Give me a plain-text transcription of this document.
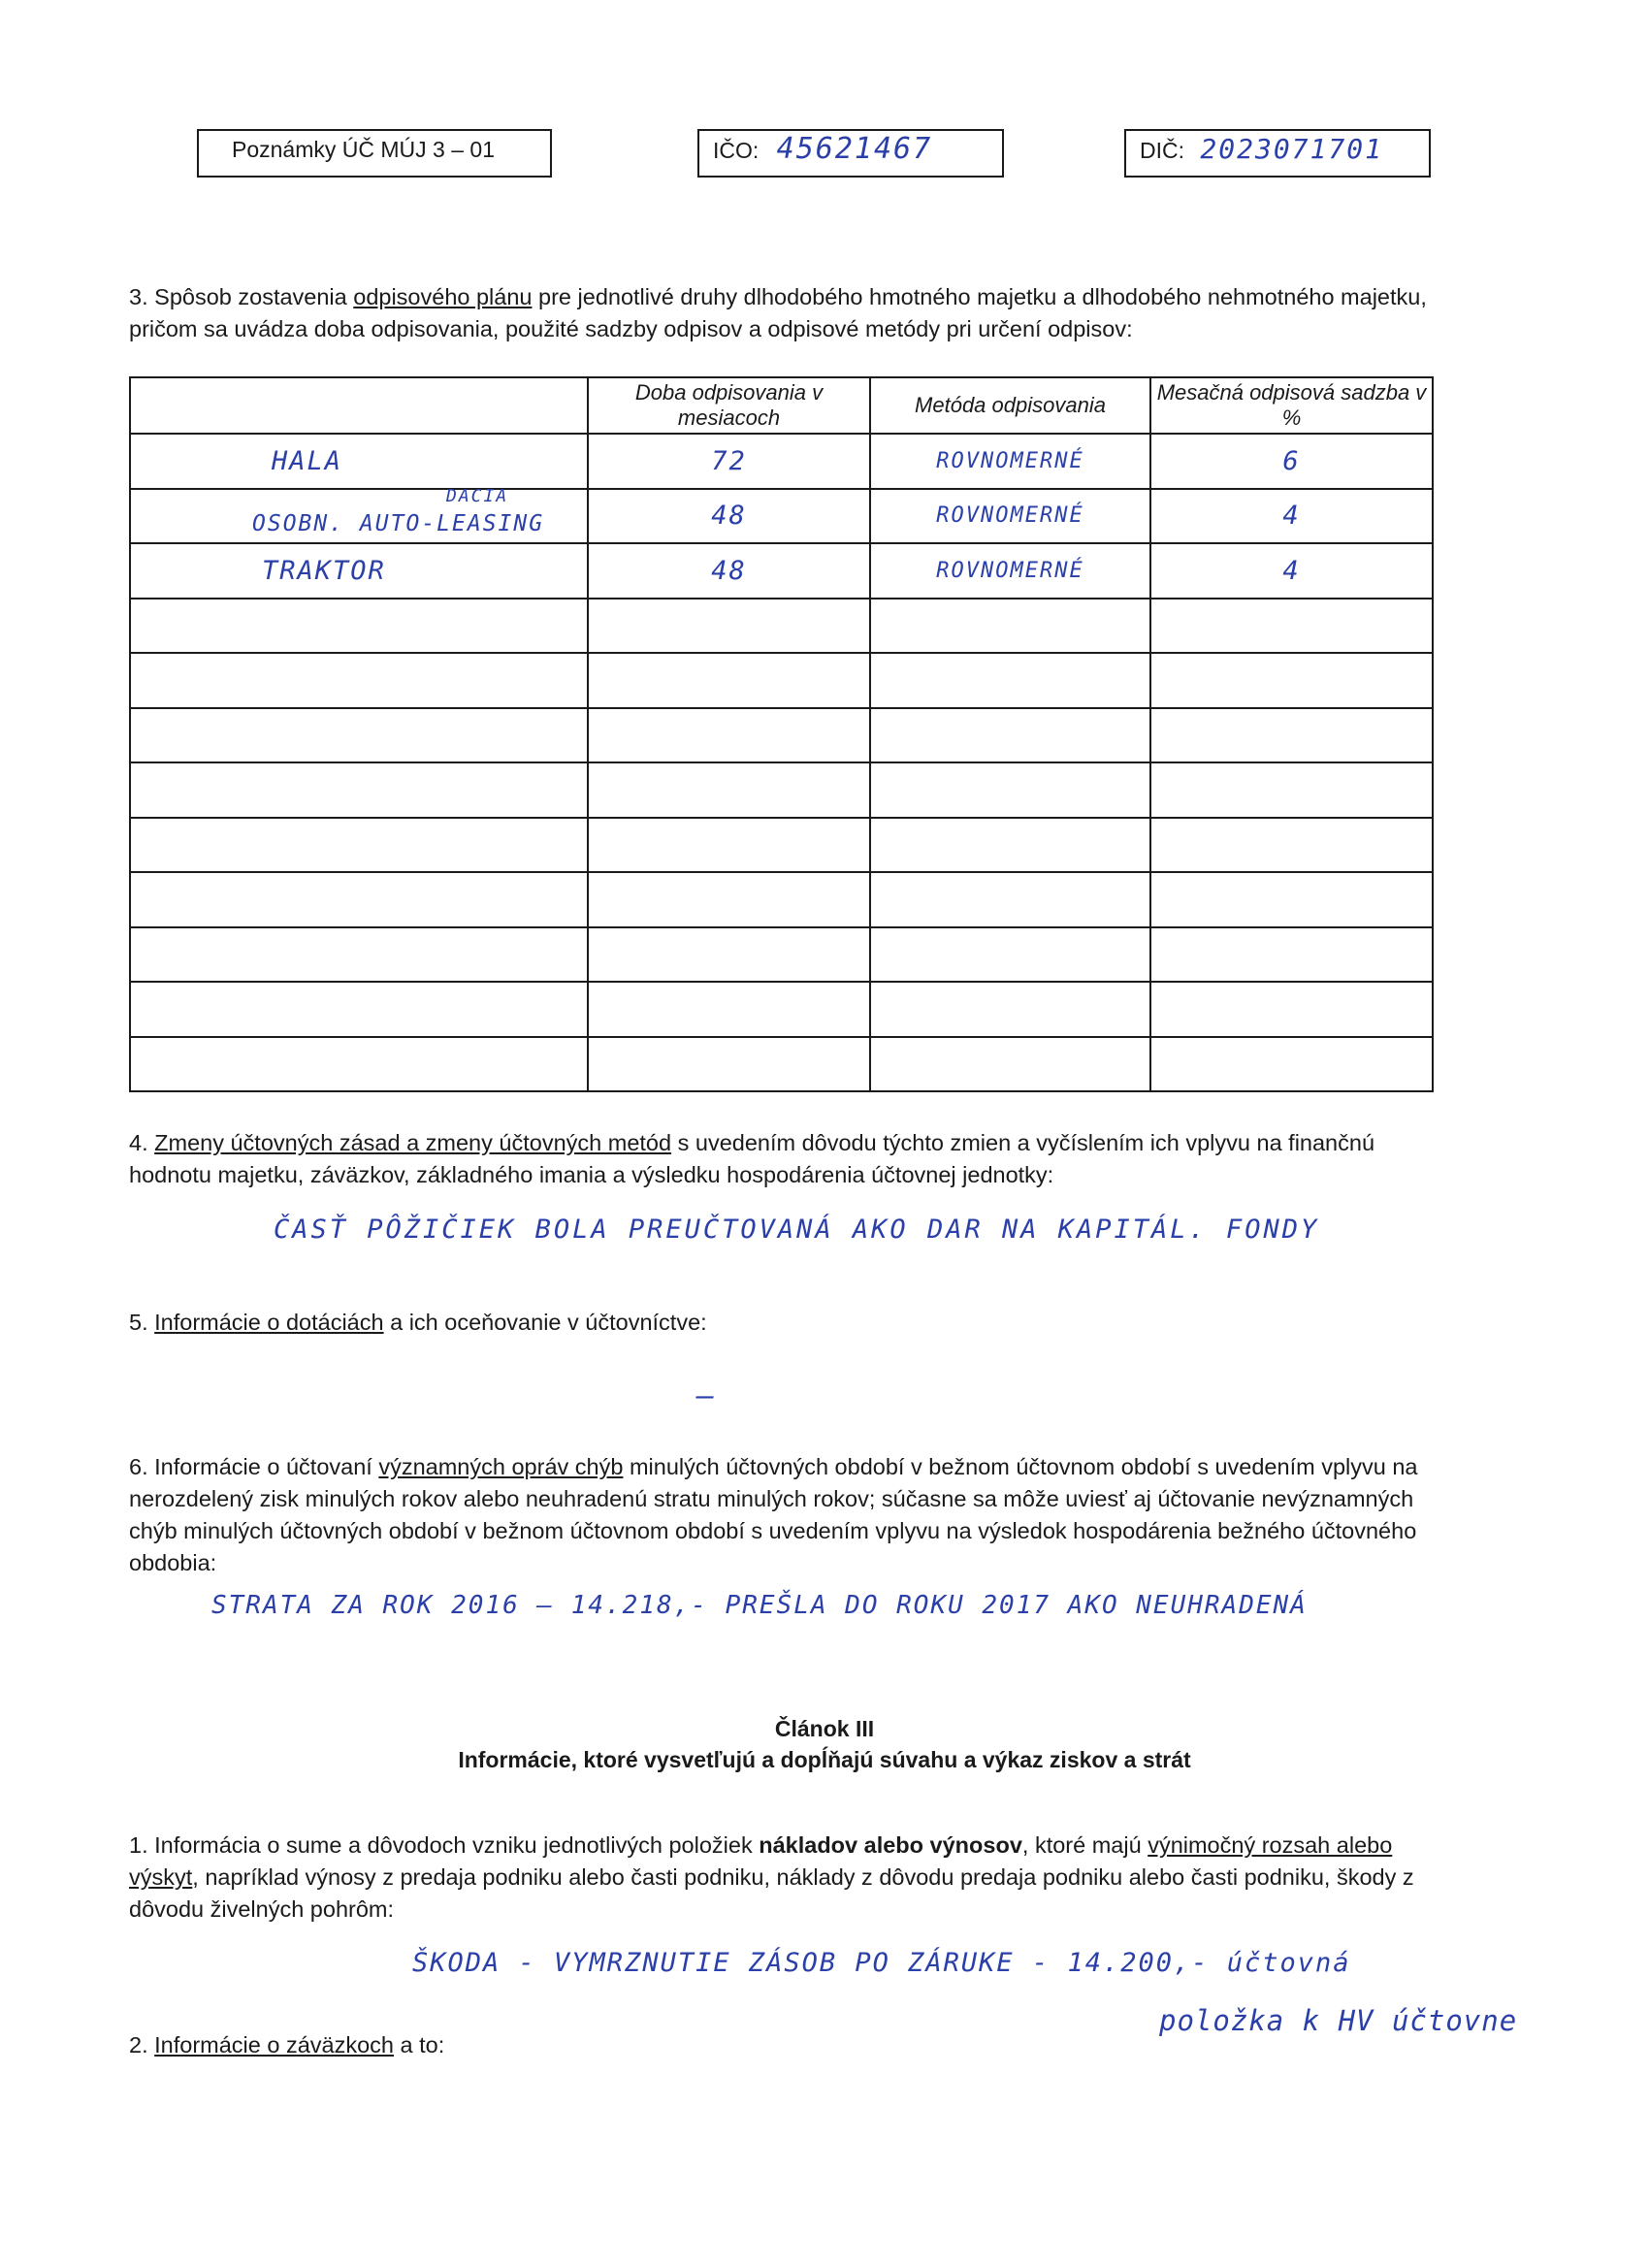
Poznámky ÚČ MÚJ 3 – 01	IČO: 45621467	DIČ: 2023071701
3. Spôsob zostavenia odpisového plánu pre jednotlivé druhy dlhodobého hmotného majetku a dlhodobého nehmotného majetku, pričom sa uvádza doba odpisovania, použité sadzby odpisov a odpisové metódy pri určení odpisov:
	Doba odpisovania v mesiacoch	Metóda odpisovania	Mesačná odpisová sadzba v %
HALA	72	ROVNOMERNÉ	6

DACIA
OSOBN. AUTO-LEASING	48	ROVNOMERNÉ	4
TRAKTOR	48	ROVNOMERNÉ	4

4. Zmeny účtovných zásad a zmeny účtovných metód s uvedením dôvodu týchto zmien a vyčíslením ich vplyvu na finančnú hodnotu majetku, záväzkov, základného imania a výsledku hospodárenia účtovnej jednotky:
ČASŤ PÔŽIČIEK BOLA PREUČTOVANÁ AKO DAR NA KAPITÁL. FONDY
5. Informácie o dotáciách a ich oceňovanie v účtovníctve:
—
6. Informácie o účtovaní významných opráv chýb minulých účtovných období v bežnom účtovnom období s uvedením vplyvu na nerozdelený zisk minulých rokov alebo neuhradenú stratu minulých rokov; súčasne sa môže uviesť aj účtovanie nevýznamných chýb minulých účtovných období v bežnom účtovnom období s uvedením vplyvu na výsledok hospodárenia bežného účtovného obdobia:
STRATA ZA ROK 2016 – 14.218,- PREŠLA DO ROKU 2017 AKO NEUHRADENÁ
Článok III
Informácie, ktoré vysvetľujú a dopĺňajú súvahu a výkaz ziskov a strát
1. Informácia o sume a dôvodoch vzniku jednotlivých položiek nákladov alebo výnosov, ktoré majú výnimočný rozsah alebo výskyt, napríklad výnosy z predaja podniku alebo časti podniku, náklady z dôvodu predaja podniku alebo časti podniku, škody z dôvodu živelných pohrôm:
ŠKODA - VYMRZNUTIE ZÁSOB PO ZÁRUKE - 14.200,- účtovná
položka k HV účtovne
2. Informácie o záväzkoch a to:
